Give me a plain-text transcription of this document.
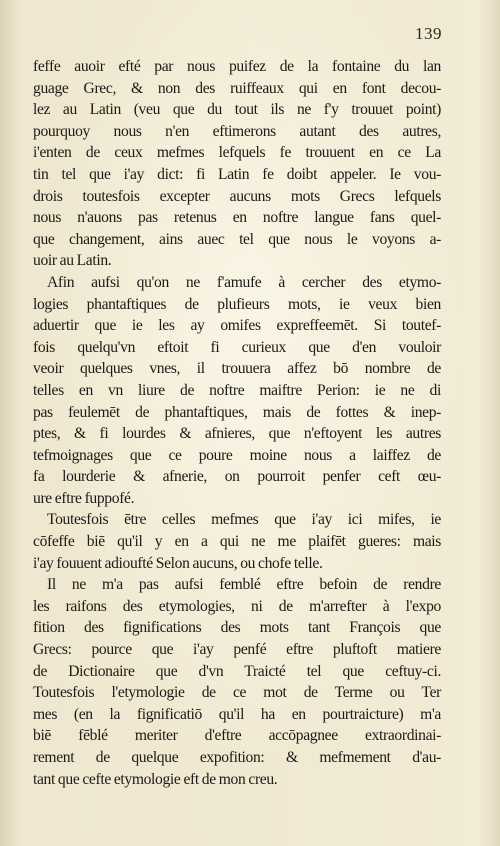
139
feffe auoir efté par nous puifez de la fontaine du lan
guage Grec, & non des ruiffeaux qui en font decou-
lez au Latin (veu que du tout ils ne f'y trouuet point)
pourquoy nous n'en eftimerons autant des autres,
i'enten de ceux mefmes lefquels fe trouuent en ce La
tin tel que i'ay dict: fi Latin fe doibt appeler. Ie vou-
drois toutesfois excepter aucuns mots Grecs lefquels
nous n'auons pas retenus en noftre langue fans quel-
que changement, ains auec tel que nous le voyons a-
uoir au Latin.
Afin aufsi qu'on ne f'amufe à cercher des etymo-
logies phantaftiques de plufieurs mots, ie veux bien
aduertir que ie les ay omifes expreffeemēt. Si toutef-
fois quelqu'vn eftoit fi curieux que d'en vouloir
veoir quelques vnes, il trouuera affez bō nombre de
telles en vn liure de noftre maiftre Perion: ie ne di
pas feulemēt de phantaftiques, mais de fottes & inep-
ptes, & fi lourdes & afnieres, que n'eftoyent les autres
tefmoignages que ce poure moine nous a laiffez de
fa lourderie & afnerie, on pourroit penfer ceft œu-
ure eftre fuppofé.
Toutesfois ētre celles mefmes que i'ay ici mifes, ie
cōfeffe biē qu'il y en a qui ne me plaifēt gueres: mais
i'ay fouuent adioufté Selon aucuns, ou chofe telle.
Il ne m'a pas aufsi femblé eftre befoin de rendre
les raifons des etymologies, ni de m'arrefter à l'expo
fition des fignifications des mots tant François que
Grecs: pource que i'ay penfé eftre pluftoft matiere
de Dictionaire que d'vn Traicté tel que ceftuy-ci.
Toutesfois l'etymologie de ce mot de Terme ou Ter
mes (en la fignificatiō qu'il ha en pourtraicture) m'a
biē fēblé meriter d'eftre accōpagnee extraordinai-
rement de quelque expofition: & mefmement d'au-
tant que cefte etymologie eft de mon creu.
